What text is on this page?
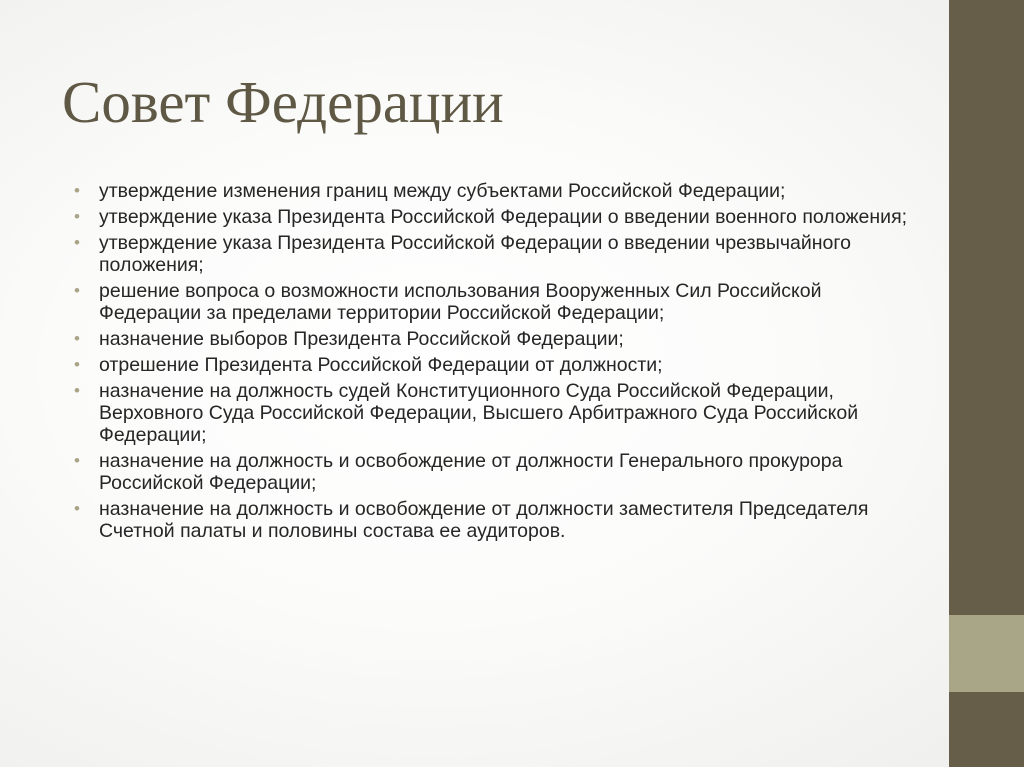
Совет Федерации
• утверждение изменения границ между субъектами Российской Федерации;
• утверждение указа Президента Российской Федерации о введении военного положения;
• утверждение указа Президента Российской Федерации о введении чрезвычайного положения;
• решение вопроса о возможности использования Вооруженных Сил Российской Федерации за пределами территории Российской Федерации;
• назначение выборов Президента Российской Федерации;
• отрешение Президента Российской Федерации от должности;
• назначение на должность судей Конституционного Суда Российской Федерации, Верховного Суда Российской Федерации, Высшего Арбитражного Суда Российской Федерации;
• назначение на должность и освобождение от должности Генерального прокурора Российской Федерации;
• назначение на должность и освобождение от должности заместителя Председателя Счетной палаты и половины состава ее аудиторов.
